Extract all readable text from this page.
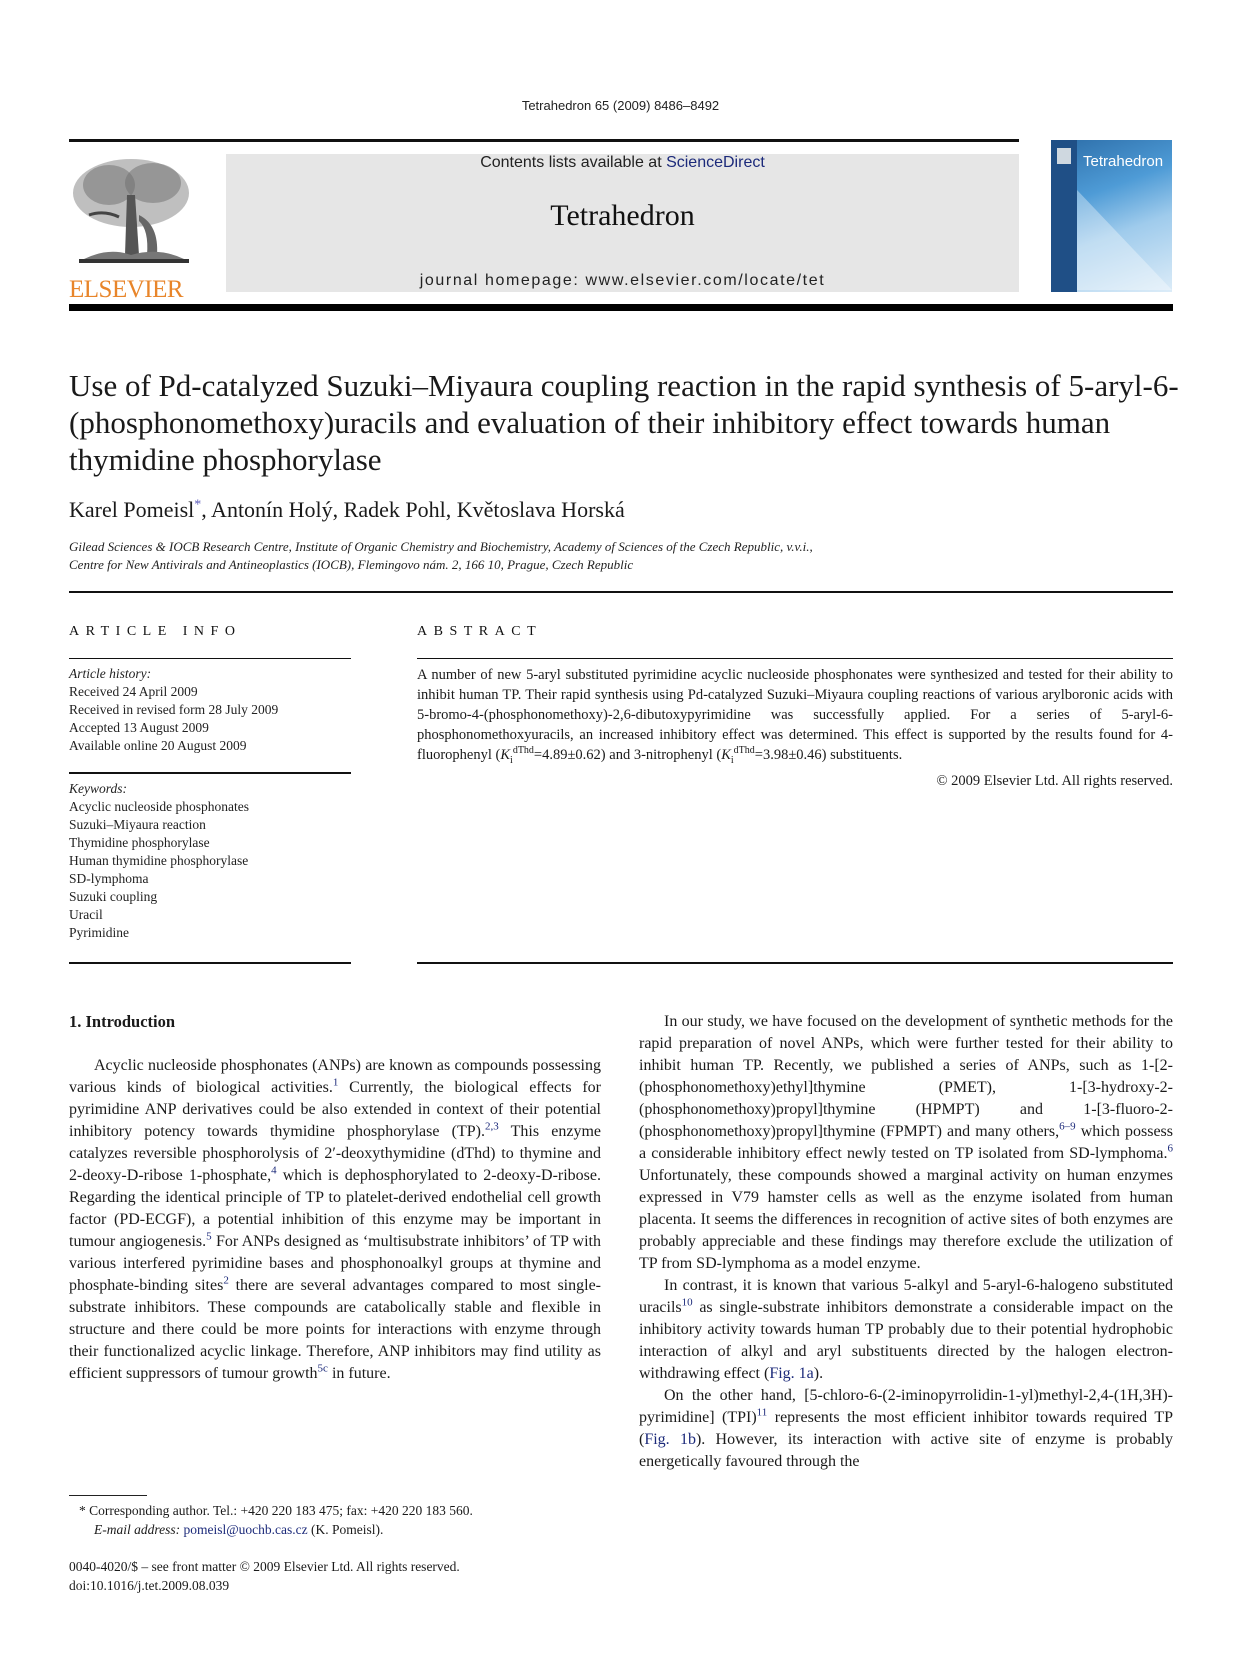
Tetrahedron 65 (2009) 8486–8492
ELSEVIER
Contents lists available at ScienceDirect
Tetrahedron
journal homepage: www.elsevier.com/locate/tet
Tetrahedron
Use of Pd-catalyzed Suzuki–Miyaura coupling reaction in the rapid synthesis of 5-aryl-6-(phosphonomethoxy)uracils and evaluation of their inhibitory effect towards human thymidine phosphorylase
Karel Pomeisl*, Antonín Holý, Radek Pohl, Květoslava Horská
Gilead Sciences & IOCB Research Centre, Institute of Organic Chemistry and Biochemistry, Academy of Sciences of the Czech Republic, v.v.i.,
Centre for New Antivirals and Antineoplastics (IOCB), Flemingovo nám. 2, 166 10, Prague, Czech Republic
ARTICLE INFO	ABSTRACT
Article history:
Received 24 April 2009
Received in revised form 28 July 2009
Accepted 13 August 2009
Available online 20 August 2009
Keywords:
Acyclic nucleoside phosphonates
Suzuki–Miyaura reaction
Thymidine phosphorylase
Human thymidine phosphorylase
SD-lymphoma
Suzuki coupling
Uracil
Pyrimidine
A number of new 5-aryl substituted pyrimidine acyclic nucleoside phosphonates were synthesized and tested for their ability to inhibit human TP. Their rapid synthesis using Pd-catalyzed Suzuki–Miyaura coupling reactions of various arylboronic acids with 5-bromo-4-(phosphonomethoxy)-2,6-dibutoxypyrimidine was successfully applied. For a series of 5-aryl-6-phosphonomethoxyuracils, an increased inhibitory effect was determined. This effect is supported by the results found for 4-fluorophenyl $(K_i^{dThd}=4.89\pm 0.62)$ and 3-nitrophenyl $(K_i^{dThd}=3.98\pm 0.46)$ substituents.
© 2009 Elsevier Ltd. All rights reserved.
1. Introduction

Acyclic nucleoside phosphonates (ANPs) are known as compounds possessing various kinds of biological activities.$^1$ Currently, the biological effects for pyrimidine ANP derivatives could be also extended in context of their potential inhibitory potency towards thymidine phosphorylase (TP).$^{2,3}$ This enzyme catalyzes reversible phosphorolysis of 2′-deoxythymidine (dThd) to thymine and 2-deoxy-D-ribose 1-phosphate,$^4$ which is dephosphorylated to 2-deoxy-D-ribose. Regarding the identical principle of TP to platelet-derived endothelial cell growth factor (PD-ECGF), a potential inhibition of this enzyme may be important in tumour angiogenesis.$^5$ For ANPs designed as ‘multisubstrate inhibitors’ of TP with various interfered pyrimidine bases and phosphonoalkyl groups at thymine and phosphate-binding sites$^2$ there are several advantages compared to most single-substrate inhibitors. These compounds are catabolically stable and flexible in structure and there could be more points for interactions with enzyme through their functionalized acyclic linkage. Therefore, ANP inhibitors may find utility as efficient suppressors of tumour growth$^{5c}$ in future.

In our study, we have focused on the development of synthetic methods for the rapid preparation of novel ANPs, which were further tested for their ability to inhibit human TP. Recently, we published a series of ANPs, such as 1-[2-(phosphonomethoxy)ethyl]thymine (PMET), 1-[3-hydroxy-2-(phosphonomethoxy)propyl]thymine (HPMPT) and 1-[3-fluoro-2-(phosphonomethoxy)propyl]thymine (FPMPT) and many others,$^{6-9}$ which possess a considerable inhibitory effect newly tested on TP isolated from SD-lymphoma.$^6$ Unfortunately, these compounds showed a marginal activity on human enzymes expressed in V79 hamster cells as well as the enzyme isolated from human placenta. It seems the differences in recognition of active sites of both enzymes are probably appreciable and these findings may therefore exclude the utilization of TP from SD-lymphoma as a model enzyme.

In contrast, it is known that various 5-alkyl and 5-aryl-6-halogeno substituted uracils$^{10}$ as single-substrate inhibitors demonstrate a considerable impact on the inhibitory activity towards human TP probably due to their potential hydrophobic interaction of alkyl and aryl substituents directed by the halogen electron-withdrawing effect (Fig. 1a).

On the other hand, [5-chloro-6-(2-iminopyrrolidin-1-yl)methyl-2,4-(1H,3H)-pyrimidine] (TPI)$^{11}$ represents the most efficient inhibitor towards required TP (Fig. 1b). However, its interaction with active site of enzyme is probably energetically favoured through the

* Corresponding author. Tel.: +420 220 183 475; fax: +420 220 183 560.
E-mail address: pomeisl@uochb.cas.cz (K. Pomeisl).
0040-4020/$ – see front matter © 2009 Elsevier Ltd. All rights reserved.
doi:10.1016/j.tet.2009.08.039
